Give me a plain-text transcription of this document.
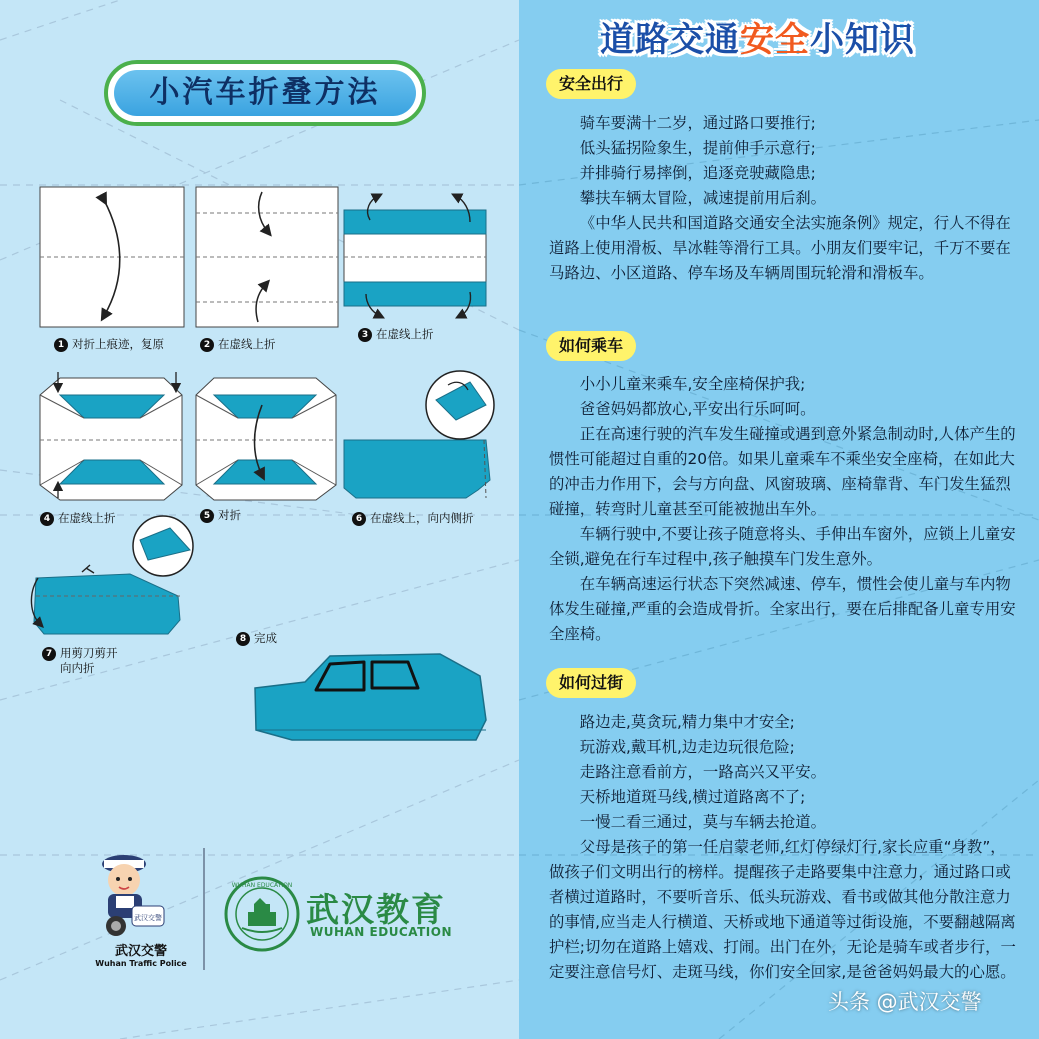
小汽车折叠方法
1 对折上痕迹，复原	2 在虚线上折
3 在虚线上折
4 在虚线上折	5 对折	6 在虚线上，向内侧折
7 用剪刀剪开
向内折
8 完成
武汉交警
武汉交警
Wuhan Traffic Police
WUHAN EDUCATION
武汉教育
WUHAN EDUCATION
道路交通安全小知识
安全出行

骑车要满十二岁，通过路口要推行;

低头猛拐险象生，提前伸手示意行;

并排骑行易摔倒，追逐竞驶藏隐患;

攀扶车辆太冒险，减速提前用后刹。

《中华人民共和国道路交通安全法实施条例》规定，行人不得在道路上使用滑板、旱冰鞋等滑行工具。小朋友们要牢记，千万不要在马路边、小区道路、停车场及车辆周围玩轮滑和滑板车。

如何乘车

小小儿童来乘车,安全座椅保护我;

爸爸妈妈都放心,平安出行乐呵呵。

正在高速行驶的汽车发生碰撞或遇到意外紧急制动时,人体产生的惯性可能超过自重的20倍。如果儿童乘车不乘坐安全座椅，在如此大的冲击力作用下，会与方向盘、风窗玻璃、座椅靠背、车门发生猛烈碰撞，转弯时儿童甚至可能被抛出车外。

车辆行驶中,不要让孩子随意将头、手伸出车窗外，应锁上儿童安全锁,避免在行车过程中,孩子触摸车门发生意外。

在车辆高速运行状态下突然减速、停车，惯性会使儿童与车内物体发生碰撞,严重的会造成骨折。全家出行，要在后排配备儿童专用安全座椅。

如何过街

路边走,莫贪玩,精力集中才安全;

玩游戏,戴耳机,边走边玩很危险;

走路注意看前方，一路高兴又平安。

天桥地道斑马线,横过道路离不了;

一慢二看三通过，莫与车辆去抢道。

父母是孩子的第一任启蒙老师,红灯停绿灯行,家长应重“身教”，做孩子们文明出行的榜样。提醒孩子走路要集中注意力，通过路口或者横过道路时，不要听音乐、低头玩游戏、看书或做其他分散注意力的事情,应当走人行横道、天桥或地下通道等过街设施，不要翻越隔离护栏;切勿在道路上嬉戏、打闹。出门在外，无论是骑车或者步行，一定要注意信号灯、走斑马线，你们安全回家,是爸爸妈妈最大的心愿。

头条 @武汉交警
